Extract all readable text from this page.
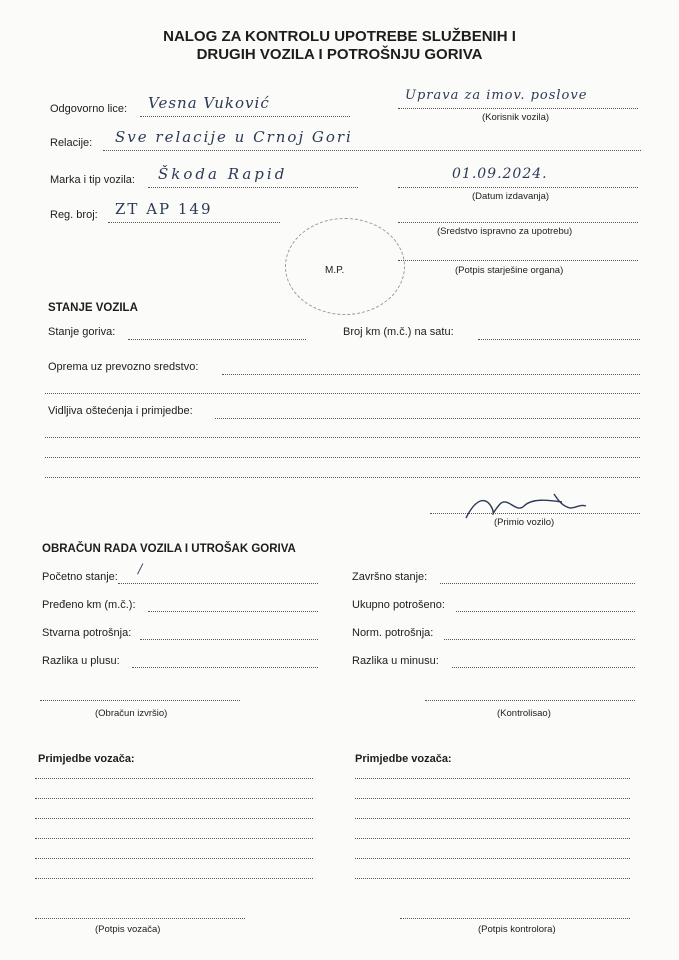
NALOG ZA KONTROLU UPOTREBE SLUŽBENIH I
DRUGIH VOZILA I POTROŠNJU GORIVA
Odgovorno lice: Vesna Vuković	Uprava za imov. poslove
(Korisnik vozila)
Relacije: Sve relacije u Crnoj Gori
Marka i tip vozila: Škoda Rapid	01.09.2024.
(Datum izdavanja)
Reg. broj: ZT AP 149
(Sredstvo ispravno za upotrebu)
M.P.	(Potpis starješine organa)
STANJE VOZILA
Stanje goriva:	Broj km (m.č.) na satu:
Oprema uz prevozno sredstvo:
Vidljiva oštećenja i primjedbe:
(Primio vozilo)
OBRAČUN RADA VOZILA I UTROŠAK GORIVA
Početno stanje: /	Završno stanje:
Pređeno km (m.č.):	Ukupno potrošeno:
Stvarna potrošnja:	Norm. potrošnja:
Razlika u plusu:	Razlika u minusu:
(Obračun izvršio)	(Kontrolisao)
Primjedbe vozača:	Primjedbe vozača:
(Potpis vozača)	(Potpis kontrolora)
